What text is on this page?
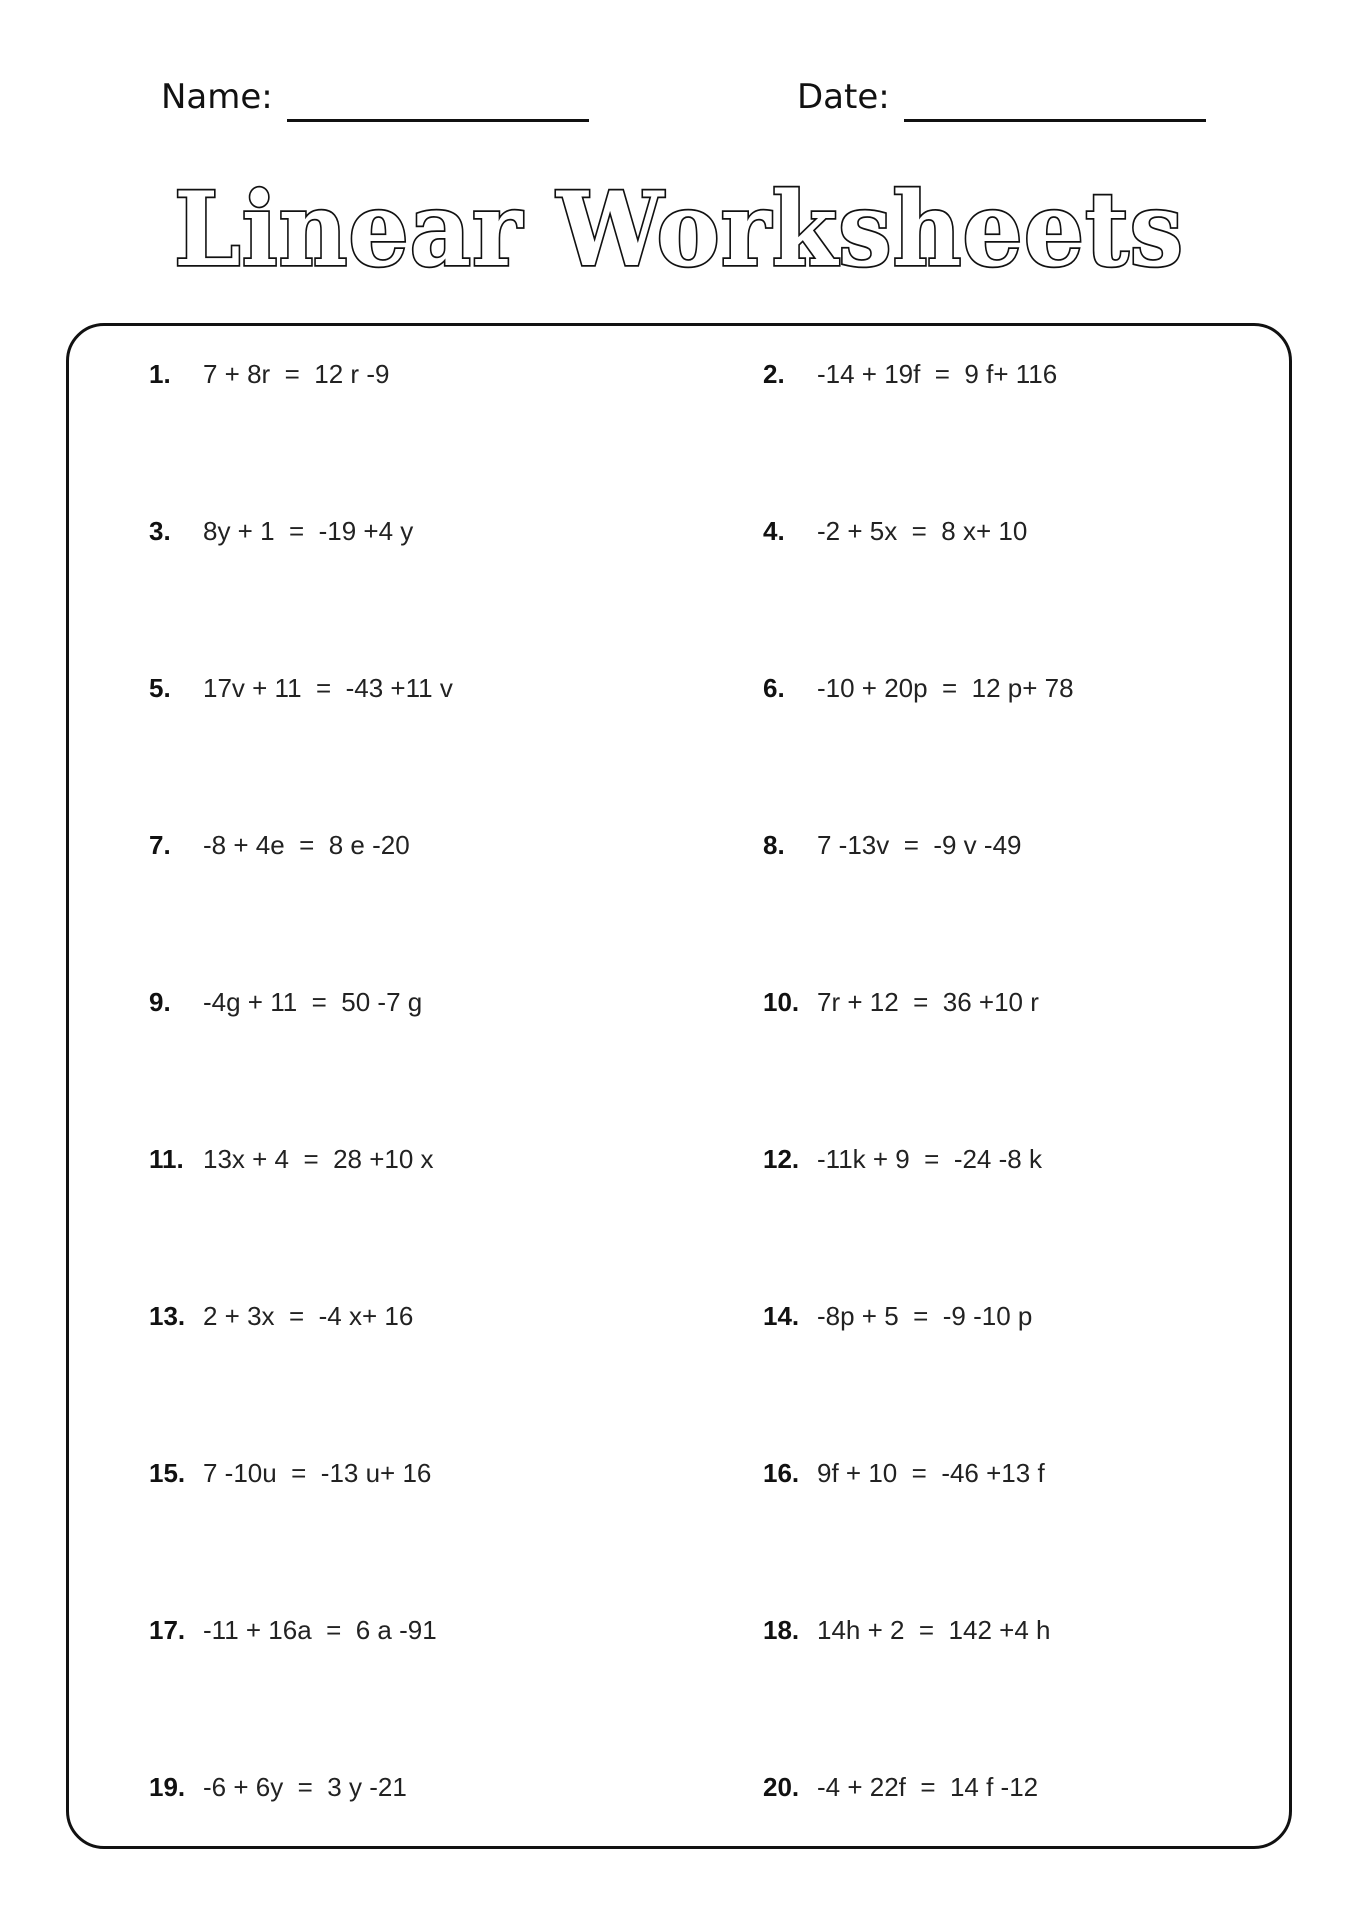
Name:	Date:
Linear Worksheets
1.	7 + 8r  =  12 r -9	2.	-14 + 19f  =  9 f+ 116
3.	8y + 1  =  -19 +4 y	4.	-2 + 5x  =  8 x+ 10
5.	17v + 11  =  -43 +11 v	6.	-10 + 20p  =  12 p+ 78
7.	-8 + 4e  =  8 e -20	8.	7 -13v  =  -9 v -49
9.	-4g + 11  =  50 -7 g	10. 7r + 12  =  36 +10 r
11. 13x + 4  =  28 +10 x	12. -11k + 9  =  -24 -8 k
13. 2 + 3x  =  -4 x+ 16	14. -8p + 5  =  -9 -10 p
15. 7 -10u  =  -13 u+ 16	16. 9f + 10  =  -46 +13 f
17. -11 + 16a  =  6 a -91	18. 14h + 2  =  142 +4 h
19. -6 + 6y  =  3 y -21	20. -4 + 22f  =  14 f -12
